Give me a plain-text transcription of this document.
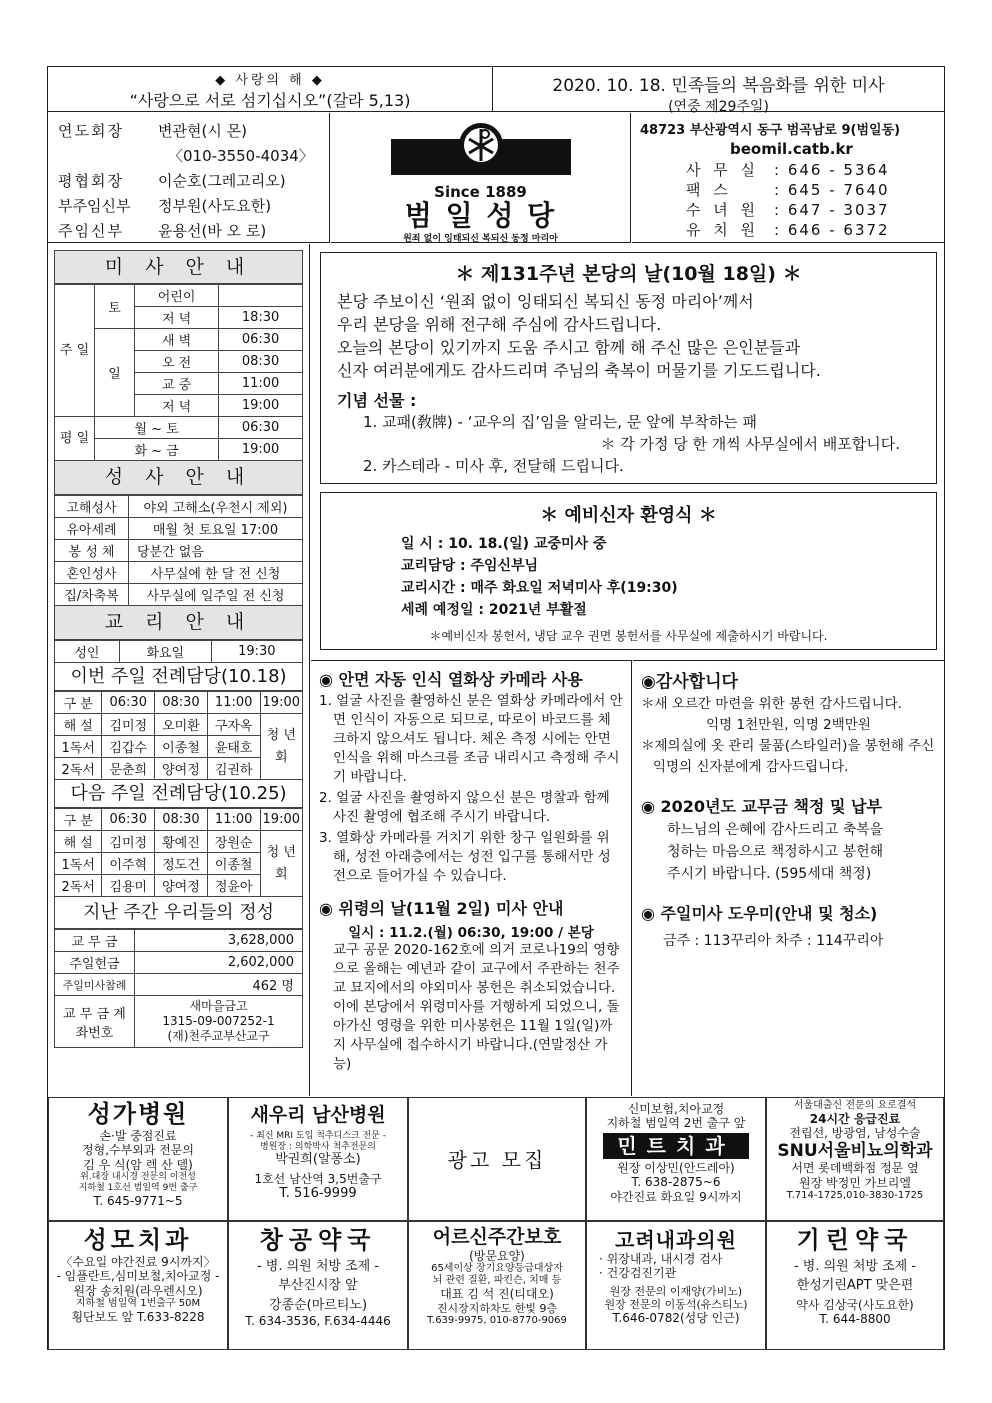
◆ 사랑의 해 ◆
“사랑으로 서로 섬기십시오”(갈라 5,13)
2020. 10. 18. 민족들의 복음화를 위한 미사
(연중 제29주일)
연도회장 변관현(시 몬)
〈010-3550-4034〉
평협회장 이순호(그레고리오)
부주임신부 정부원(사도요한)
주임신부 윤용선(바 오 로)
Since 1889
범 일 성 당
원죄 없이 잉태되신 복되신 동정 마리아
48723 부산광역시 동구 범곡남로 9(범일동)
beomil.catb.kr
사 무 실 : 646 - 5364
팩 스	: 645 - 7640
수 녀 원 : 647 - 3037
유 치 원 : 646 - 6372
미 사 안 내
주 일	토	어린이	
		저 녁	18:30
	일	새 벽	06:30
		오 전	08:30
		교 중	11:00
		저 녁	19:00
평 일	월 ~ 토		06:30
	화 ~ 금		19:00
성 사 안 내
고해성사	야외 고해소(우천시 제외)
유아세례	매월 첫 토요일 17:00
봉 성 체	당분간 없음
혼인성사	사무실에 한 달 전 신청
집/차축복	사무실에 일주일 전 신청
교 리 안 내
성인	화요일	19:30
이번 주일 전례담당(10.18)
구 분	06:30	08:30	11:00	19:00
해 설	김미정	오미환	구자옥	청 년 회
1독서	김갑수	이종철	윤태호	
2독서	문춘희	양여정	김권하	
다음 주일 전례담당(10.25)
구 분	06:30	08:30	11:00	19:00
해 설	김미정	황예진	장원순	청 년 회
1독서	이주혁	정도건	이종철	
2독서	김용미	양여정	정윤아	
지난 주간 우리들의 정성
교 무 금	3,628,000
주일헌금	2,602,000
주일미사참례	462 명
교 무 금 계좌번호	새마을금고
1315-09-007252-1
(재)천주교부산교구
＊ 제131주년 본당의 날(10월 18일) ＊
본당 주보이신 ‘원죄 없이 잉태되신 복되신 동정 마리아’께서
우리 본당을 위해 전구해 주심에 감사드립니다.
오늘의 본당이 있기까지 도움 주시고 함께 해 주신 많은 은인분들과
신자 여러분에게도 감사드리며 주님의 축복이 머물기를 기도드립니다.
기념 선물 :
1. 교패(敎牌) - ‘교우의 집’임을 알리는, 문 앞에 부착하는 패
＊ 각 가정 당 한 개씩 사무실에서 배포합니다.
2. 카스테라 - 미사 후, 전달해 드립니다.
＊ 예비신자 환영식 ＊
일 시 : 10. 18.(일) 교중미사 중
교리담당 : 주임신부님
교리시간 : 매주 화요일 저녁미사 후(19:30)
세례 예정일 : 2021년 부활절
＊예비신자 봉헌서, 냉담 교우 권면 봉헌서를 사무실에 제출하시기 바랍니다.
◉ 안면 자동 인식 열화상 카메라 사용
1. 얼굴 사진을 촬영하신 분은 열화상 카메라에서 안면 인식이 자동으로 되므로, 따로이 바코드를 체크하지 않으셔도 됩니다. 체온 측정 시에는 안면 인식을 위해 마스크를 조금 내리시고 측정해 주시기 바랍니다.
2. 얼굴 사진을 촬영하지 않으신 분은 명찰과 함께 사진 촬영에 협조해 주시기 바랍니다.
3. 열화상 카메라를 거치기 위한 창구 일원화를 위해, 성전 아래층에서는 성전 입구를 통해서만 성전으로 들어가실 수 있습니다.
◉ 위령의 날(11월 2일) 미사 안내
일시 : 11.2.(월) 06:30, 19:00 / 본당
교구 공문 2020-162호에 의거 코로나19의 영향으로 올해는 예년과 같이 교구에서 주관하는 천주교 묘지에서의 야외미사 봉헌은 취소되었습니다. 이에 본당에서 위령미사를 거행하게 되었으니, 돌아가신 영령을 위한 미사봉헌은 11월 1일(일)까지 사무실에 접수하시기 바랍니다.(연말정산 가능)
◉감사합니다
＊새 오르간 마련을 위한 봉헌 감사드립니다.
익명 1천만원, 익명 2백만원
＊제의실에 옷 관리 물품(스타일러)을 봉헌해 주신 익명의 신자분에게 감사드립니다.
◉ 2020년도 교무금 책정 및 납부
하느님의 은혜에 감사드리고 축복을
청하는 마음으로 책정하시고 봉헌해
주시기 바랍니다. (595세대 책정)
◉ 주일미사 도우미(안내 및 청소)
금주 : 113꾸리아 차주 : 114꾸리아
성가병원
손·발 중점진료
정형,수부외과 전문의
김 우 식(암 렉 산 델)
위.대장 내시경 전문의 이전성
지하철 1호선 범일역 9번 출구
T. 645-9771~5
새우리 남산병원
- 최신 MRI 도입 척추디스크 전문 -
병원장 : 의학박사 척추전문의
박권희(알퐁소)
1호선 남산역 3,5번출구
T. 516-9999
광고 모집
신미보험,치아교정
지하철 범일역 2번 출구 앞
민트치과
원장 이상민(안드레아)
T. 638-2875~6
야간진료 화요일 9시까지
서울대출신 전문의 요로결석
24시간 응급진료
전립선, 방광염, 남성수술
SNU서울비뇨의학과
서면 롯데백화점 정문 옆
원장 박정민 가브리엘
T.714-1725,010-3830-1725
성모치과
〈수요일 야간진료 9시까지〉
- 임플란트,심미보철,치아교정 -
원장 송치원(라우렌시오)
지하철 범일역 1번출구 50M
횡단보도 앞 T.633-8228
창공약국
- 병. 의원 처방 조제 -
부산진시장 앞
강종순(마르티노)
T. 634-3536, F.634-4446
어르신주간보호
(방문요양)
65세이상 장기요양등급대상자
뇌 관련 질환, 파킨슨, 치매 등
대표 김 석 진(티대오)
진시장지하차도 한빛 9층
T.639-9975, 010-8770-9069
고려내과의원
· 위장내과, 내시경 검사
· 건강검진기관
원장 전문의 이재양(가비노)
원장 전문의 이동석(유스티노)
T.646-0782(성당 인근)
기린약국
- 병. 의원 처방 조제 -
한성기린APT 맞은편
약사 김상국(사도요한)
T. 644-8800
